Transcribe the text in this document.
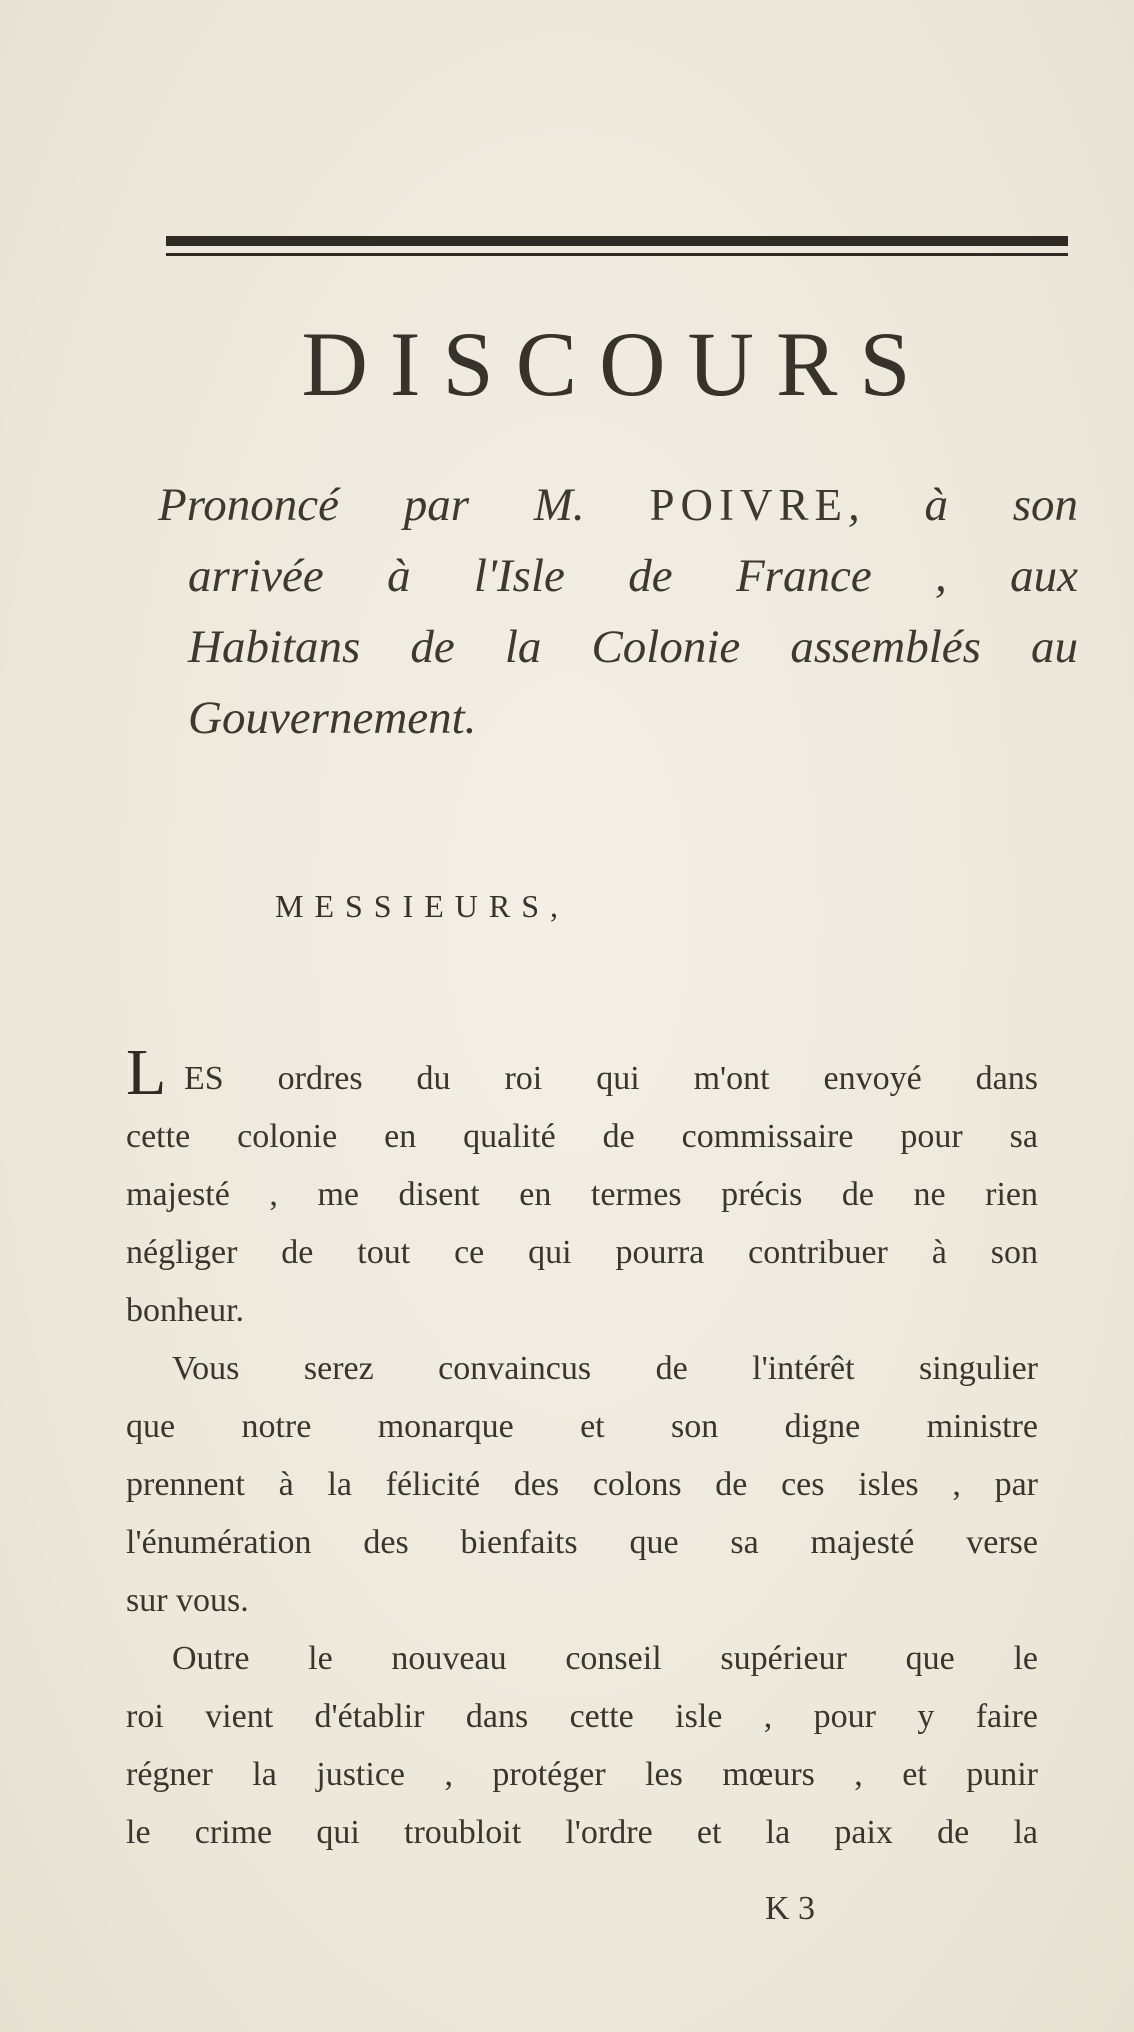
DISCOURS

Prononcé par M. POIVRE, à son
arrivée à l'Isle de France , aux
Habitans de la Colonie assemblés au
Gouvernement.

MESSIEURS,

L ES ordres du roi qui m'ont envoyé dans
cette colonie en qualité de commissaire pour sa
majesté , me disent en termes précis de ne rien
négliger de tout ce qui pourra contribuer à son
bonheur.
Vous serez convaincus de l'intérêt singulier
que notre monarque et son digne ministre
prennent à la félicité des colons de ces isles , par
l'énumération des bienfaits que sa majesté verse
sur vous.
Outre le nouveau conseil supérieur que le
roi vient d'établir dans cette isle , pour y faire
régner la justice , protéger les mœurs , et punir
le crime qui troubloit l'ordre et la paix de la

K 3
